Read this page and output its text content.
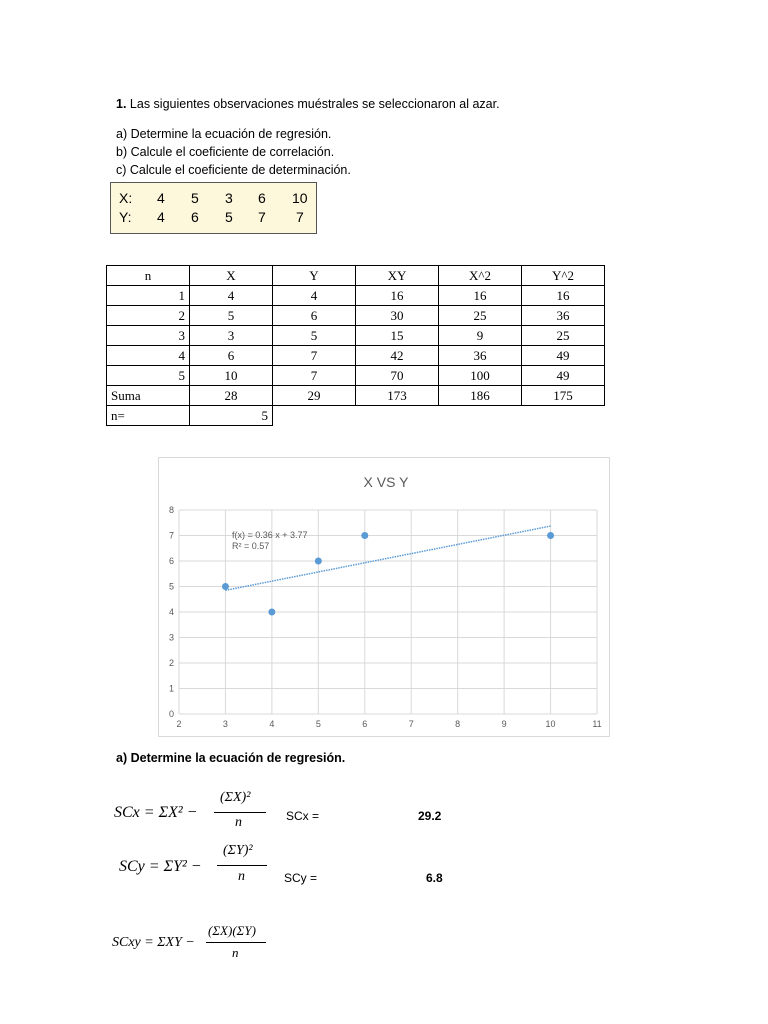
1. Las siguientes observaciones muéstrales se seleccionaron al azar.
a) Determine la ecuación de regresión.
b) Calcule el coeficiente de correlación.
c) Calcule el coeficiente de determinación.
X: 4 5 3 6 10
Y: 4 6 5 7 7
n	X	Y	XY	X^2	Y^2
1	4	4	16	16	16
2	5	6	30	25	36
3	3	5	15	9	25
4	6	7	42	36	49
5	10	7	70	100	49
Suma	28	29	173	186	175
n=	5				
X VS Y
2	3	4	5	6	7	8	9	10	11
0
1
2
3
4
5
6
7
8
f(x) = 0.36 x + 3.77
R² = 0.57
a) Determine la ecuación de regresión.
SCx = ΣX² −
(ΣX)²
n	SCx =	29.2
SCy = ΣY² −
(ΣY)²
n	SCy =	6.8
SCxy = ΣXY −
(ΣX)(ΣY)
n
